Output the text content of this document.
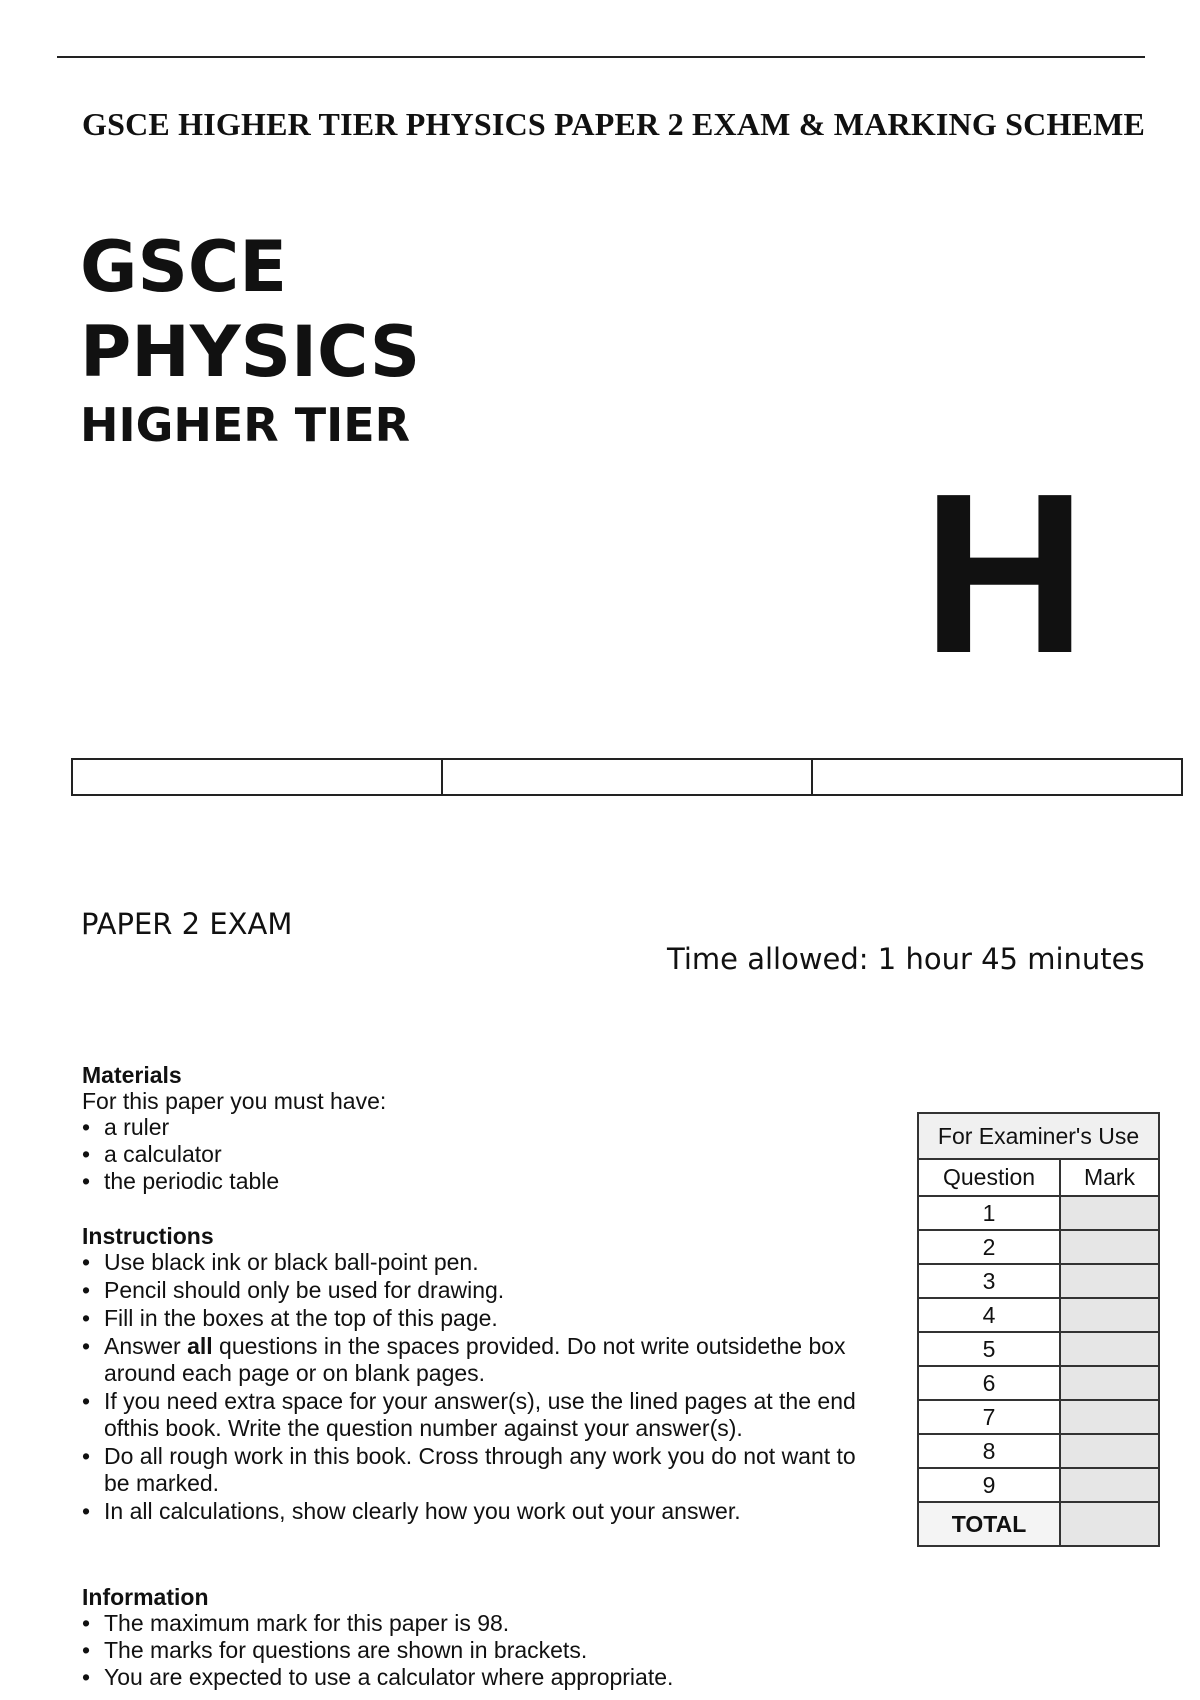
GSCE HIGHER TIER PHYSICS PAPER 2 EXAM & MARKING SCHEME
GSCE
PHYSICS
HIGHER TIER
H
PAPER 2 EXAM
Time allowed: 1 hour 45 minutes
Materials
For this paper you must have:
• a ruler
• a calculator
• the periodic table
Instructions
• Use black ink or black ball-point pen.
• Pencil should only be used for drawing.
• Fill in the boxes at the top of this page.
• Answer all questions in the spaces provided. Do not write outsidethe box around each page or on blank pages.
• If you need extra space for your answer(s), use the lined pages at the end ofthis book. Write the question number against your answer(s).
• Do all rough work in this book. Cross through any work you do not want to be marked.
• In all calculations, show clearly how you work out your answer.
Information
• The maximum mark for this paper is 98.
• The marks for questions are shown in brackets.
• You are expected to use a calculator where appropriate.
For Examiner's Use	
Question	Mark
1	
2	
3	
4	
5	
6	
7	
8	
9	
TOTAL	
